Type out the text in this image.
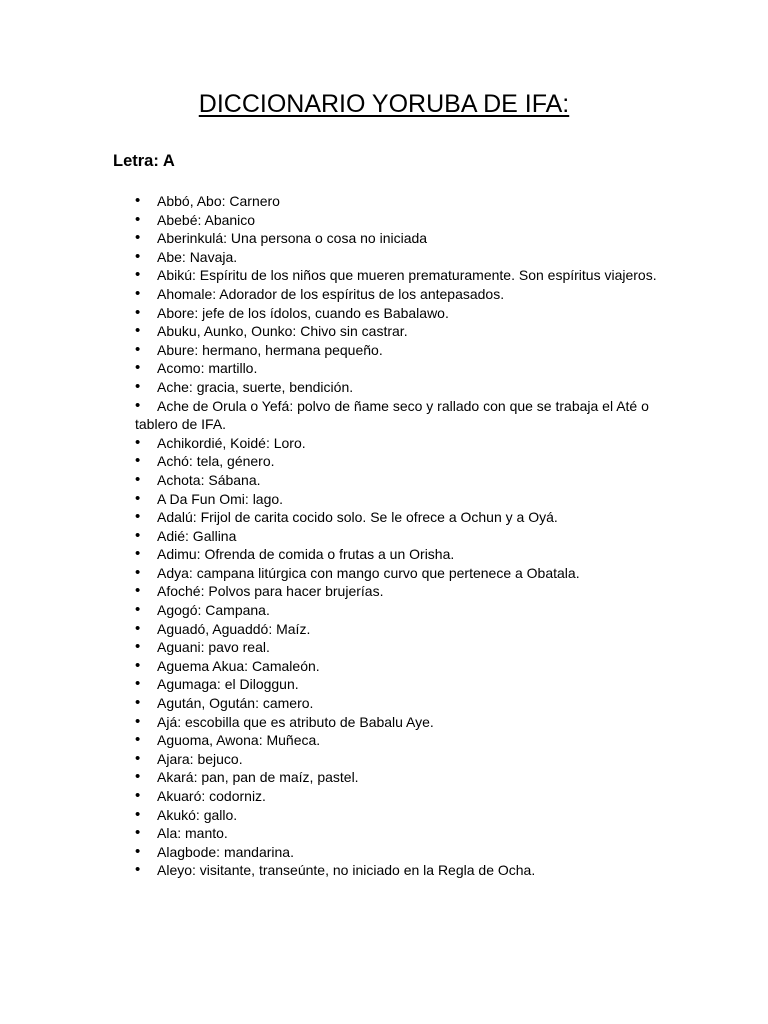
DICCIONARIO YORUBA DE IFA:
Letra: A
• Abbó, Abo: Carnero
• Abebé: Abanico
• Aberinkulá: Una persona o cosa no iniciada
• Abe: Navaja.
• Abikú: Espíritu de los niños que mueren prematuramente. Son espíritus viajeros.
• Ahomale: Adorador de los espíritus de los antepasados.
• Abore: jefe de los ídolos, cuando es Babalawo.
• Abuku, Aunko, Ounko: Chivo sin castrar.
• Abure: hermano, hermana pequeño.
• Acomo: martillo.
• Ache: gracia, suerte, bendición.
• Ache de Orula o Yefá: polvo de ñame seco y rallado con que se trabaja el Até o tablero de IFA.
• Achikordié, Koidé: Loro.
• Achó: tela, género.
• Achota: Sábana.
• A Da Fun Omi: lago.
• Adalú: Frijol de carita cocido solo. Se le ofrece a Ochun y a Oyá.
• Adié: Gallina
• Adimu: Ofrenda de comida o frutas a un Orisha.
• Adya: campana litúrgica con mango curvo que pertenece a Obatala.
• Afoché: Polvos para hacer brujerías.
• Agogó: Campana.
• Aguadó, Aguaddó: Maíz.
• Aguani: pavo real.
• Aguema Akua: Camaleón.
• Agumaga: el Diloggun.
• Agután, Ogután: camero.
• Ajá: escobilla que es atributo de Babalu Aye.
• Aguoma, Awona: Muñeca.
• Ajara: bejuco.
• Akará: pan, pan de maíz, pastel.
• Akuaró: codorniz.
• Akukó: gallo.
• Ala: manto.
• Alagbode: mandarina.
• Aleyo: visitante, transeúnte, no iniciado en la Regla de Ocha.
